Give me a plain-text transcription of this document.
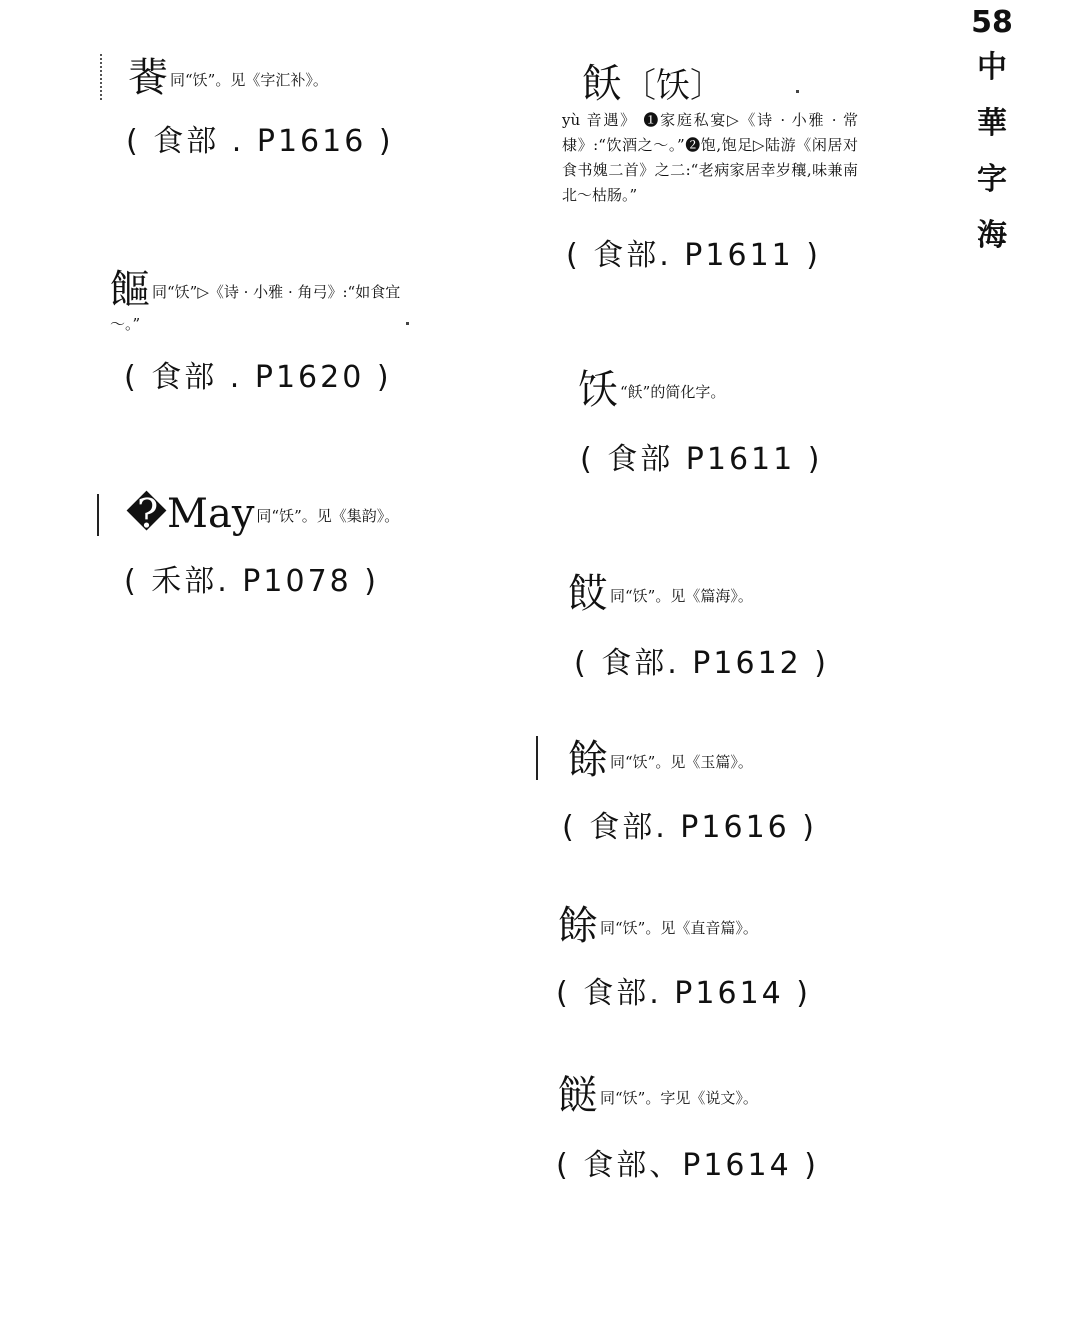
58
中
華
字
海
餥同“饫”。见《字汇补》。
( 食部 . P1616 )
饇同“饫”▷《诗 · 小雅 · 角弓》:“如食宜～。”
( 食部 . P1620 )
�May 同“饫”。见《集韵》。
( 禾部. P1078 )
飫〔饫〕
yù 音遇》 ❶家庭私宴▷《诗 · 小雅 · 常棣》:“饮酒之～。”❷饱,饱足▷陆游《闲居对食书媿二首》之二:“老病家居幸岁穰,味兼南北～枯肠。”
( 食部. P1611 )
饫 “飫”的简化字。
( 食部 P1611 )
餀同“饫”。见《篇海》。
( 食部. P1612 )
餘同“饫”。见《玉篇》。
( 食部. P1616 )
餘同“饫”。见《直音篇》。
( 食部. P1614 )
餸同“饫”。字见《说文》。
( 食部、P1614 )
